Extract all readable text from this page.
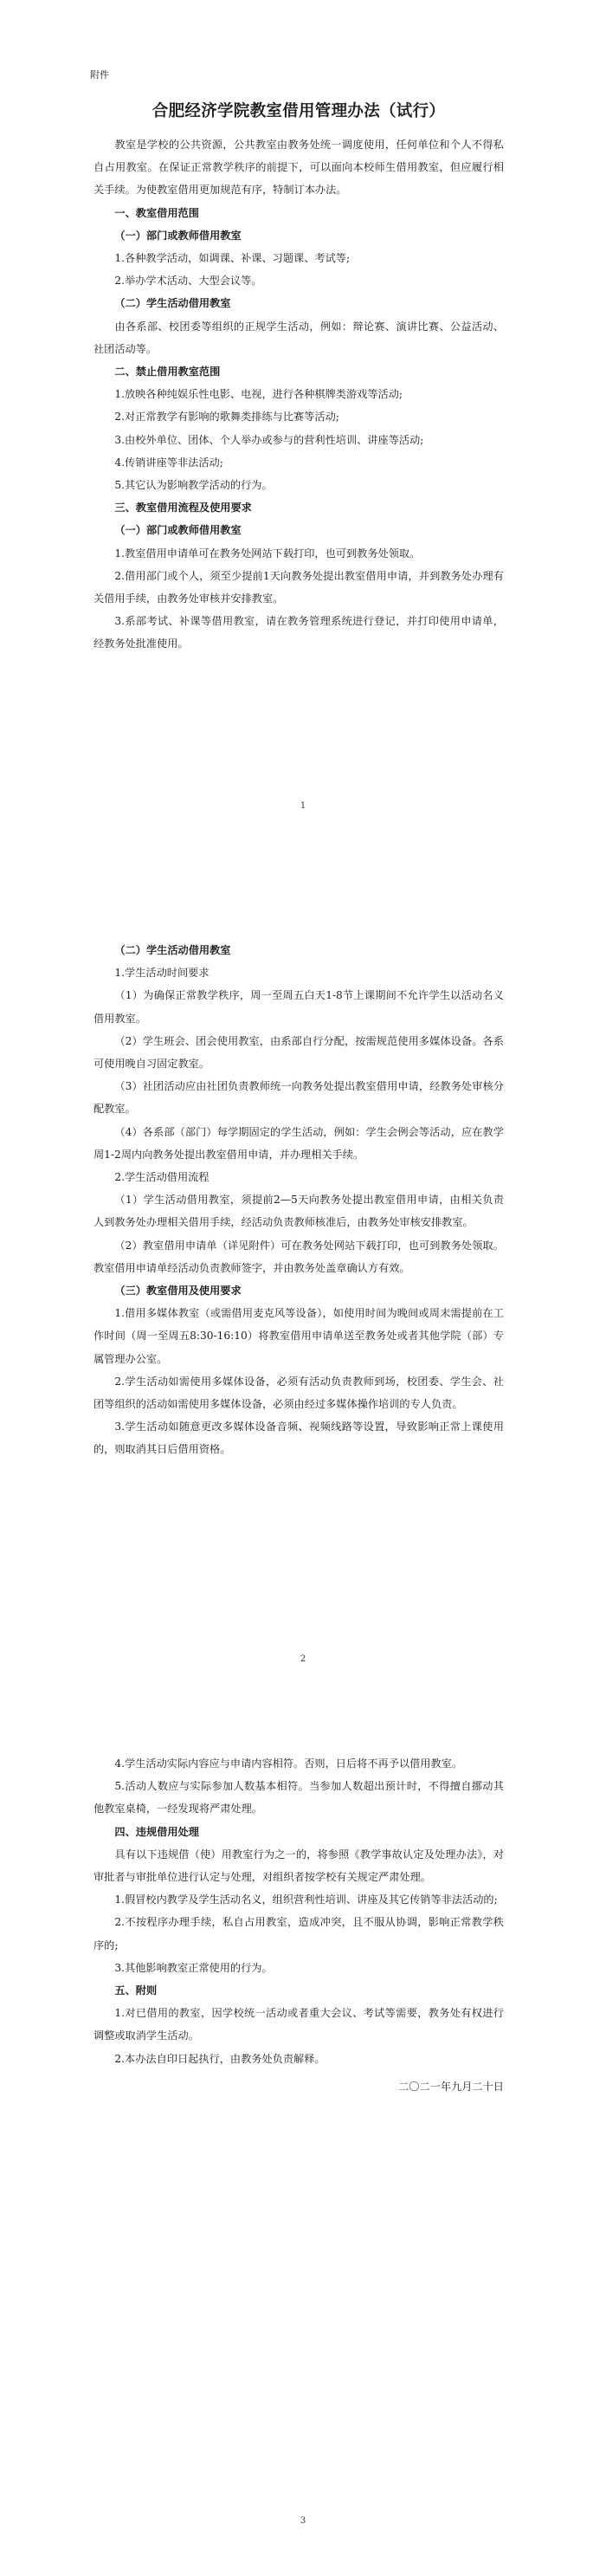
附件
合肥经济学院教室借用管理办法（试行）

教室是学校的公共资源，公共教室由教务处统一调度使用，任何单位和个人不得私自占用教室。在保证正常教学秩序的前提下，可以面向本校师生借用教室，但应履行相关手续。为使教室借用更加规范有序，特制订本办法。

一、教室借用范围

（一）部门或教师借用教室

1.各种教学活动，如调课、补课、习题课、考试等;

2.举办学术活动、大型会议等。

（二）学生活动借用教室

由各系部、校团委等组织的正规学生活动，例如：辩论赛、演讲比赛、公益活动、社团活动等。

二、禁止借用教室范围

1.放映各种纯娱乐性电影、电视，进行各种棋牌类游戏等活动;

2.对正常教学有影响的歌舞类排练与比赛等活动;

3.由校外单位、团体、个人举办或参与的营利性培训、讲座等活动;

4.传销讲座等非法活动;

5.其它认为影响教学活动的行为。

三、教室借用流程及使用要求

（一）部门或教师借用教室

1.教室借用申请单可在教务处网站下载打印，也可到教务处领取。

2.借用部门或个人，须至少提前1天向教务处提出教室借用申请，并到教务处办理有关借用手续，由教务处审核并安排教室。

3.系部考试、补课等借用教室，请在教务管理系统进行登记，并打印使用申请单，经教务处批准使用。

1

（二）学生活动借用教室

1.学生活动时间要求

（1）为确保正常教学秩序，周一至周五白天1-8节上课期间不允许学生以活动名义借用教室。

（2）学生班会、团会使用教室，由系部自行分配，按需规范使用多媒体设备。各系可使用晚自习固定教室。

（3）社团活动应由社团负责教师统一向教务处提出教室借用申请，经教务处审核分配教室。

（4）各系部（部门）每学期固定的学生活动，例如：学生会例会等活动，应在教学周1-2周内向教务处提出教室借用申请，并办理相关手续。

2.学生活动借用流程

（1）学生活动借用教室，须提前2—5天向教务处提出教室借用申请，由相关负责人到教务处办理相关借用手续，经活动负责教师核准后，由教务处审核安排教室。

（2）教室借用申请单（详见附件）可在教务处网站下载打印，也可到教务处领取。教室借用申请单经活动负责教师签字，并由教务处盖章确认方有效。

（三）教室借用及使用要求

1.借用多媒体教室（或需借用麦克风等设备），如使用时间为晚间或周末需提前在工作时间（周一至周五8:30-16:10）将教室借用申请单送至教务处或者其他学院（部）专属管理办公室。

2.学生活动如需使用多媒体设备，必须有活动负责教师到场，校团委、学生会、社团等组织的活动如需使用多媒体设备，必须由经过多媒体操作培训的专人负责。

3.学生活动如随意更改多媒体设备音频、视频线路等设置，导致影响正常上课使用的，则取消其日后借用资格。

2

4.学生活动实际内容应与申请内容相符。否则，日后将不再予以借用教室。

5.活动人数应与实际参加人数基本相符。当参加人数超出预计时，不得擅自挪动其他教室桌椅，一经发现将严肃处理。

四、违规借用处理

具有以下违规借（使）用教室行为之一的，将参照《教学事故认定及处理办法》，对审批者与审批单位进行认定与处理，对组织者按学校有关规定严肃处理。

1.假冒校内教学及学生活动名义，组织营利性培训、讲座及其它传销等非法活动的;

2.不按程序办理手续，私自占用教室，造成冲突，且不服从协调，影响正常教学秩序的;

3.其他影响教室正常使用的行为。

五、附则

1.对已借用的教室，因学校统一活动或者重大会议、考试等需要，教务处有权进行调整或取消学生活动。

2.本办法自印日起执行，由教务处负责解释。

二〇二一年九月二十日

3
